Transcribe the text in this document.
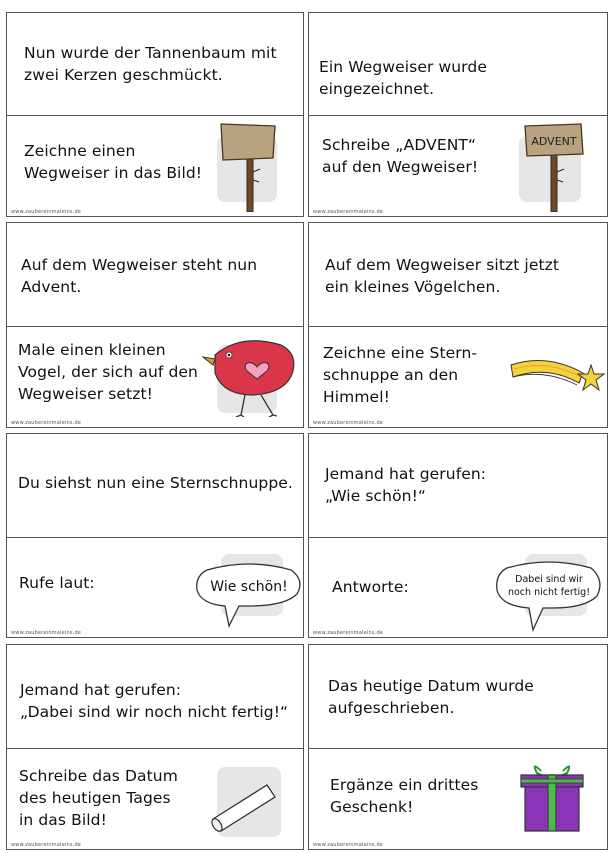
Nun wurde der Tannenbaum mit
zwei Kerzen geschmückt.
Zeichne einen
Wegweiser in das Bild!
www.zaubereinmaleins.de
Ein Wegweiser wurde eingezeichnet.
Schreibe „ADVENT“
auf den Wegweiser!
ADVENT
www.zaubereinmaleins.de
Auf dem Wegweiser steht nun
Advent.
Male einen kleinen
Vogel, der sich auf den
Wegweiser setzt!
www.zaubereinmaleins.de
Auf dem Wegweiser sitzt jetzt
ein kleines Vögelchen.
Zeichne eine Stern-
schnuppe an den
Himmel!
www.zaubereinmaleins.de
Du siehst nun eine Sternschnuppe.
Rufe laut:	Wie schön!
www.zaubereinmaleins.de
Jemand hat gerufen:
„Wie schön!“
Antworte:	Dabei sind wir
noch nicht fertig!
www.zaubereinmaleins.de
Jemand hat gerufen:
„Dabei sind wir noch nicht fertig!“
Schreibe das Datum
des heutigen Tages
in das Bild!
www.zaubereinmaleins.de
Das heutige Datum wurde
aufgeschrieben.
Ergänze ein drittes
Geschenk!
www.zaubereinmaleins.de
